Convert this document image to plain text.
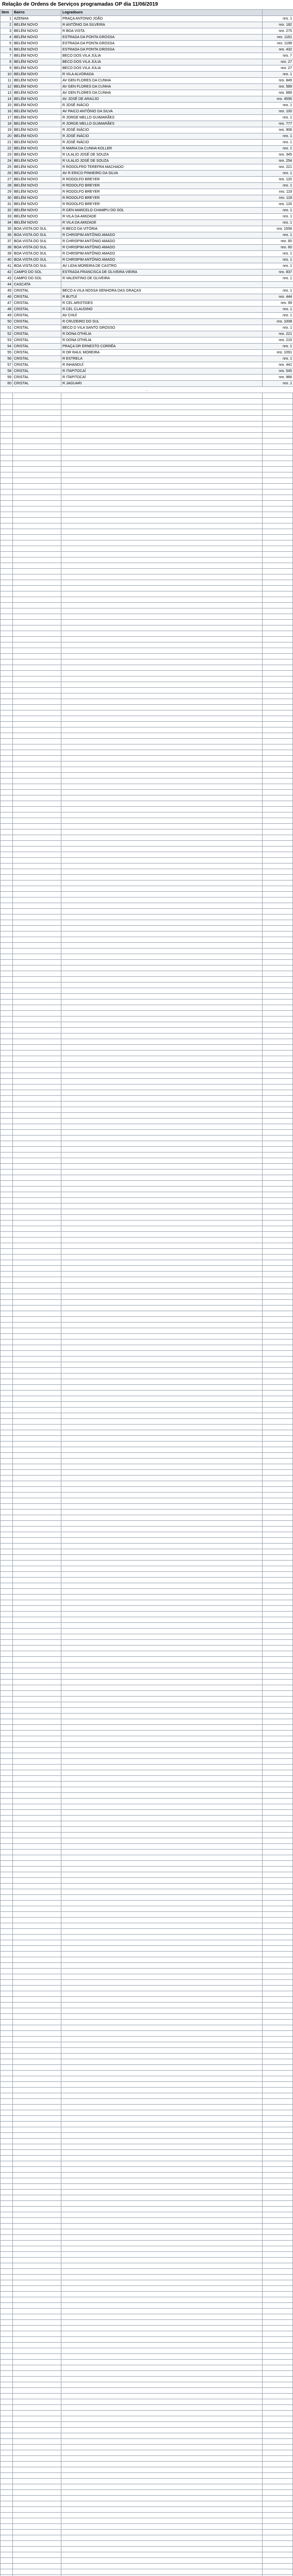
Relação de Ordens de Serviços programadas OP dia 11/06/2019
Item	Bairro	Logradouro	
1	AZENHA	PRAÇA ANTONIO JOÃO	nro. 1
2	BELÉM NOVO	R ANTÔNIO DA SILVEIRA	nro. 182
3	BELÉM NOVO	R BOA VISTA	nro. 275
4	BELÉM NOVO	ESTRADA DA PONTA GROSSA	nro. 1161
5	BELÉM NOVO	ESTRADA DA PONTA GROSSA	nro. 1199
6	BELÉM NOVO	ESTRADA DA PONTA GROSSA	nro. 432
7	BELÉM NOVO	BECO DOS VILA JÚLIA	nro. 7
8	BELÉM NOVO	BECO DOS VILA JÚLIA	nro. 27
9	BELÉM NOVO	BECO DOS VILA JÚLIA	nro. 27
10	BELÉM NOVO	R VILA ALVORADA	nro. 1
11	BELÉM NOVO	AV GEN FLORES DA CUNHA	nro. 849
12	BELÉM NOVO	AV GEN FLORES DA CUNHA	nro. 589
13	BELÉM NOVO	AV GEN FLORES DA CUNHA	nro. 666
14	BELÉM NOVO	AV JOSÉ DE ARAÚJO	nro. 4556
15	BELÉM NOVO	R JOSÉ INÁCIO	nro. 1
16	BELÉM NOVO	AV PAICO ANTÔNIO DA SILVA	nro. 100
17	BELÉM NOVO	R JORGE MELLO GUIMARÃES	nro. 1
18	BELÉM NOVO	R JORGE MELLO GUIMARÃES	nro. 777
19	BELÉM NOVO	R JOSÉ INÁCIO	nro. 906
20	BELÉM NOVO	R JOSÉ INÁCIO	nro. 1
21	BELÉM NOVO	R JOSÉ INÁCIO	nro. 1
22	BELÉM NOVO	R MARIA DA CUNHA KOLLER	nro. 1
23	BELÉM NOVO	R ULALIO JOSÉ DE SOUZA	nro. 345
24	BELÉM NOVO	R ULALIO JOSÉ DE SOUZA	nro. 254
25	BELÉM NOVO	R RODOLFRO TEREFRA MACHADO	nro. 221
26	BELÉM NOVO	AV R ERICO PINHEIRO DA SILVA	nro. 1
27	BELÉM NOVO	R RODOLFO BREYER	nro. 120
28	BELÉM NOVO	R RODOLFO BREYER	nro. 1
29	BELÉM NOVO	R RODOLFO BREYER	nro. 119
30	BELÉM NOVO	R RODOLFO BREYER	nro. 119
31	BELÉM NOVO	R RODOLFO BREYER	nro. 120
32	BELÉM NOVO	R GEN MARCELO CHAMPU DO SOL	nro. 1
33	BELÉM NOVO	R VILA DA AMIZADE	nro. 1
34	BELÉM NOVO	R VILA DA AMIZADE	nro. 1
35	BOA VISTA DO SUL	R BECO DA VITÓRIA	nro. 1556
36	BOA VISTA DO SUL	R CHRISPIM ANTÔNIO AMADO	nro. 1
37	BOA VISTA DO SUL	R CHRISPIM ANTÔNIO AMADO	nro. 60
38	BOA VISTA DO SUL	R CHRISPIM ANTÔNIO AMADO	nro. 60
39	BOA VISTA DO SUL	R CHRISPIM ANTÔNIO AMADO	nro. 1
40	BOA VISTA DO SUL	R CHRISPIM ANTÔNIO AMADO	nro. 1
41	BOA VISTA DO SUL	AV LIDIA MOREIRA DE CASTRO	nro. 1
42	CAMPO DO SOL	ESTRADA FRANCISCA DE OLIVEIRA VIEIRA	nro. 837
43	CAMPO DO SOL	R VALENTINO DE OLIVEIRA	nro. 1
44	CASCATA		
45	CRISTAL	BECO A VILA NOSSA SENHORA DAS GRAÇAS	nro. 1
46	CRISTAL	R BUTUÍ	nro. 444
47	CRISTAL	R CEL ARISTIDES	nro. 99
48	CRISTAL	R CEL CLAUDINO	nro. 1
49	CRISTAL	AV CHUÍ	nro. 1
50	CRISTAL	R CRUZEIRO DO SUL	nro. 1008
51	CRISTAL	BECO D VILA SANTO GROSSO	nro. 1
52	CRISTAL	R DONA OTHÍLIA	nro. 221
53	CRISTAL	R DONA OTHÍLIA	nro. 215
54	CRISTAL	PRAÇA DR ERNESTO CORRÊA	nro. 1
55	CRISTAL	R DR RAUL MOREIRA	nro. 1091
56	CRISTAL	R ESTRELA	nro. 1
57	CRISTAL	R INHANDUÍ	nro. 441
58	CRISTAL	R ITAPITOCAÍ	nro. 545
59	CRISTAL	R ITAPITOCAÍ	nro. 966
60	CRISTAL	R JAGUARI	nro. 1
…			
